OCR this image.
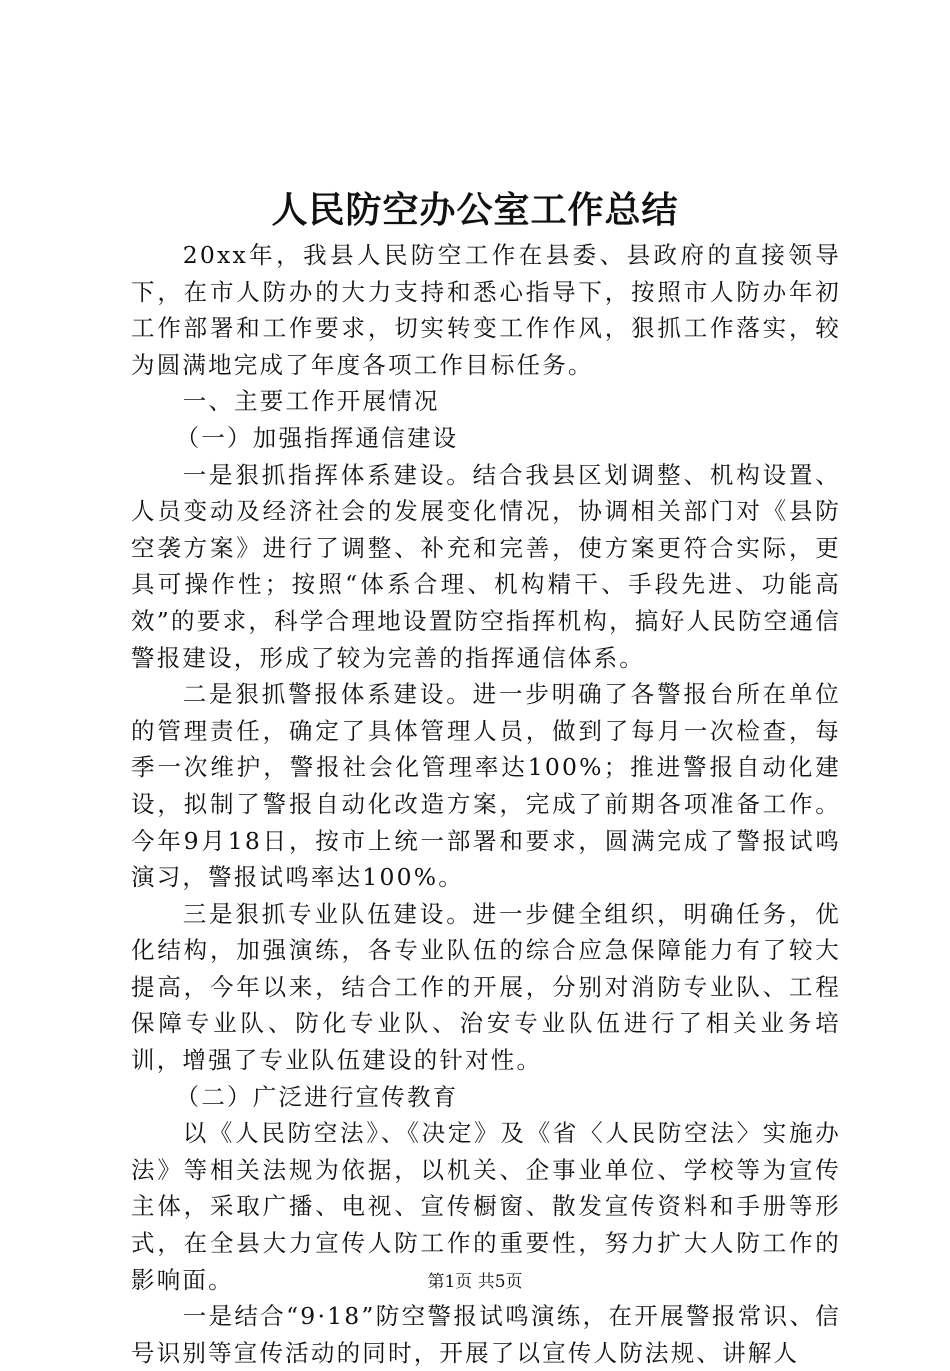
人民防空办公室工作总结

20xx年，我县人民防空工作在县委、县政府的直接领导下，在市人防办的大力支持和悉心指导下，按照市人防办年初工作部署和工作要求，切实转变工作作风，狠抓工作落实，较为圆满地完成了年度各项工作目标任务。

一、主要工作开展情况

（一）加强指挥通信建设

一是狠抓指挥体系建设。结合我县区划调整、机构设置、人员变动及经济社会的发展变化情况，协调相关部门对《县防空袭方案》进行了调整、补充和完善，使方案更符合实际，更具可操作性；按照“体系合理、机构精干、手段先进、功能高效”的要求，科学合理地设置防空指挥机构，搞好人民防空通信警报建设，形成了较为完善的指挥通信体系。

二是狠抓警报体系建设。进一步明确了各警报台所在单位的管理责任，确定了具体管理人员，做到了每月一次检查，每季一次维护，警报社会化管理率达100%；推进警报自动化建设，拟制了警报自动化改造方案，完成了前期各项准备工作。今年9月18日，按市上统一部署和要求，圆满完成了警报试鸣演习，警报试鸣率达100%。

三是狠抓专业队伍建设。进一步健全组织，明确任务，优化结构，加强演练，各专业队伍的综合应急保障能力有了较大提高，今年以来，结合工作的开展，分别对消防专业队、工程保障专业队、防化专业队、治安专业队伍进行了相关业务培训，增强了专业队伍建设的针对性。

（二）广泛进行宣传教育

以《人民防空法》、《决定》及《省〈人民防空法〉实施办法》等相关法规为依据，以机关、企事业单位、学校等为宣传主体，采取广播、电视、宣传橱窗、散发宣传资料和手册等形式，在全县大力宣传人防工作的重要性，努力扩大人防工作的影响面。

一是结合“9·18”防空警报试鸣演练，在开展警报常识、信号识别等宣传活动的同时，开展了以宣传人防法规、讲解人

第1页 共5页
